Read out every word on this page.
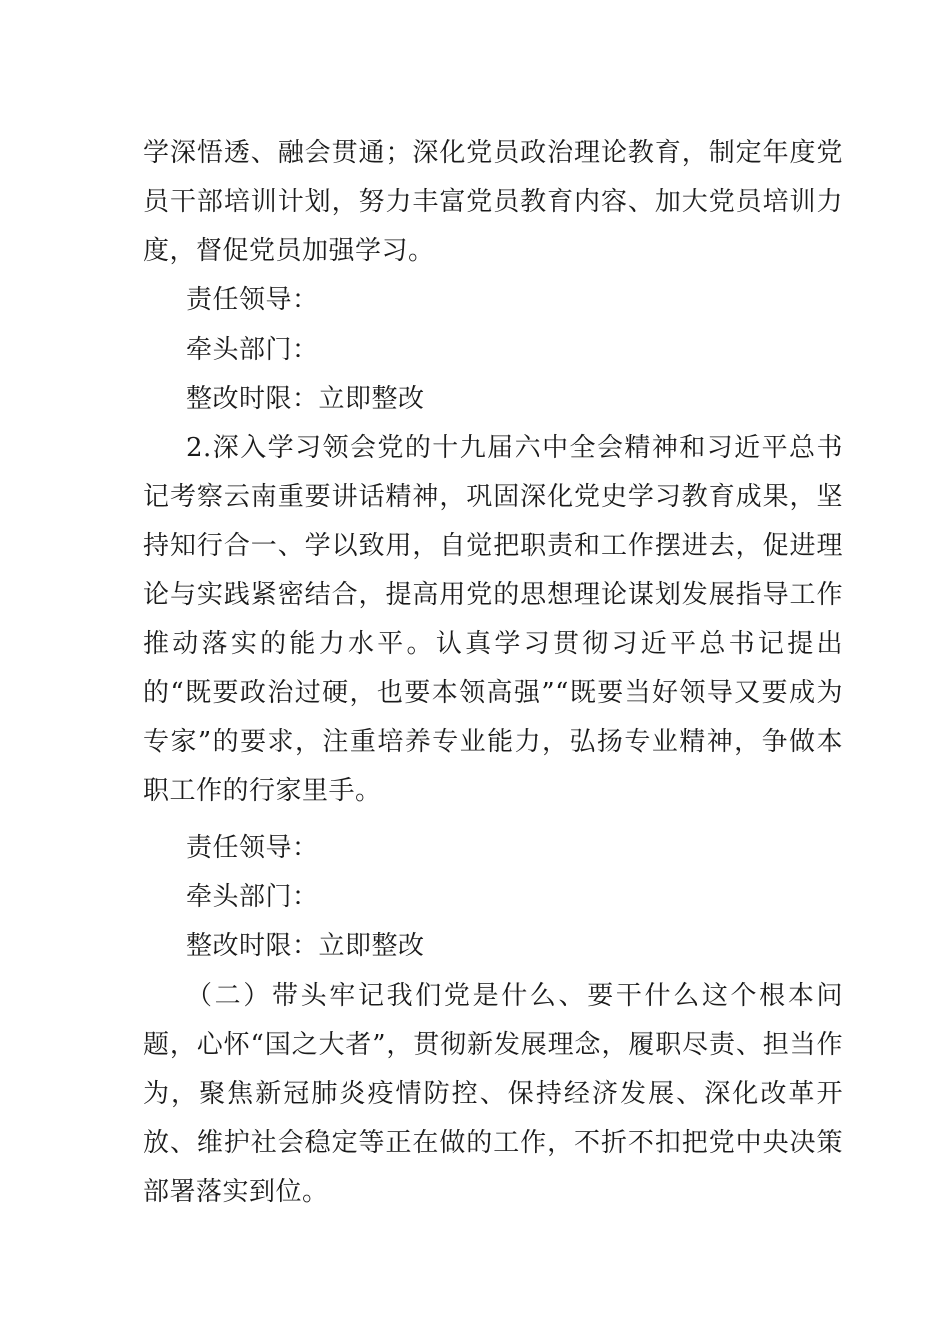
学深悟透、融会贯通；深化党员政治理论教育，制定年度党员干部培训计划，努力丰富党员教育内容、加大党员培训力度，督促党员加强学习。

责任领导：

牵头部门：

整改时限：立即整改

2.深入学习领会党的十九届六中全会精神和习近平总书记考察云南重要讲话精神，巩固深化党史学习教育成果，坚持知行合一、学以致用，自觉把职责和工作摆进去，促进理论与实践紧密结合，提高用党的思想理论谋划发展指导工作推动落实的能力水平。认真学习贯彻习近平总书记提出的“既要政治过硬，也要本领高强”“既要当好领导又要成为专家”的要求，注重培养专业能力，弘扬专业精神，争做本职工作的行家里手。

责任领导：

牵头部门：

整改时限：立即整改

（二）带头牢记我们党是什么、要干什么这个根本问题，心怀“国之大者”，贯彻新发展理念，履职尽责、担当作为，聚焦新冠肺炎疫情防控、保持经济发展、深化改革开放、维护社会稳定等正在做的工作，不折不扣把党中央决策部署落实到位。
